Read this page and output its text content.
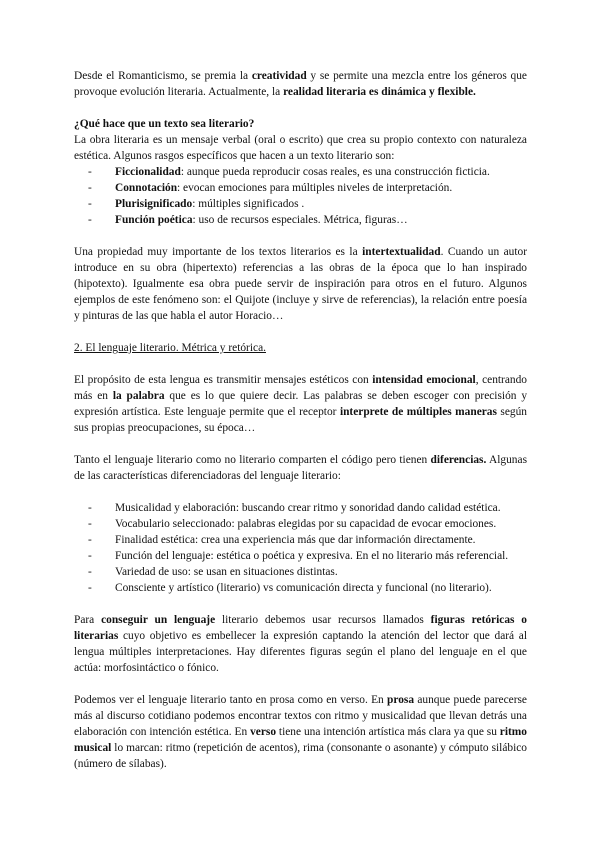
Desde el Romanticismo, se premia la creatividad y se permite una mezcla entre los géneros que provoque evolución literaria. Actualmente, la realidad literaria es dinámica y flexible.

¿Qué hace que un texto sea literario?

La obra literaria es un mensaje verbal (oral o escrito) que crea su propio contexto con naturaleza estética. Algunos rasgos específicos que hacen a un texto literario son:

- Ficcionalidad: aunque pueda reproducir cosas reales, es una construcción ficticia.
- Connotación: evocan emociones para múltiples niveles de interpretación.
- Plurisignificado: múltiples significados .
- Función poética: uso de recursos especiales. Métrica, figuras…

Una propiedad muy importante de los textos literarios es la intertextualidad. Cuando un autor introduce en su obra (hipertexto) referencias a las obras de la época que lo han inspirado (hipotexto). Igualmente esa obra puede servir de inspiración para otros en el futuro. Algunos ejemplos de este fenómeno son: el Quijote (incluye y sirve de referencias), la relación entre poesía y pinturas de las que habla el autor Horacio…

2. El lenguaje literario. Métrica y retórica.

El propósito de esta lengua es transmitir mensajes estéticos con intensidad emocional, centrando más en la palabra que es lo que quiere decir. Las palabras se deben escoger con precisión y expresión artística. Este lenguaje permite que el receptor interprete de múltiples maneras según sus propias preocupaciones, su época…

Tanto el lenguaje literario como no literario comparten el código pero tienen diferencias. Algunas de las características diferenciadoras del lenguaje literario:

- Musicalidad y elaboración: buscando crear ritmo y sonoridad dando calidad estética.
- Vocabulario seleccionado: palabras elegidas por su capacidad de evocar emociones.
- Finalidad estética: crea una experiencia más que dar información directamente.
- Función del lenguaje: estética o poética y expresiva. En el no literario más referencial.
- Variedad de uso: se usan en situaciones distintas.
- Consciente y artístico (literario) vs comunicación directa y funcional (no literario).

Para conseguir un lenguaje literario debemos usar recursos llamados figuras retóricas o literarias cuyo objetivo es embellecer la expresión captando la atención del lector que dará al lengua múltiples interpretaciones. Hay diferentes figuras según el plano del lenguaje en el que actúa: morfosintáctico o fónico.

Podemos ver el lenguaje literario tanto en prosa como en verso. En prosa aunque puede parecerse más al discurso cotidiano podemos encontrar textos con ritmo y musicalidad que llevan detrás una elaboración con intención estética. En verso tiene una intención artística más clara ya que su ritmo musical lo marcan: ritmo (repetición de acentos), rima (consonante o asonante) y cómputo silábico (número de sílabas).
